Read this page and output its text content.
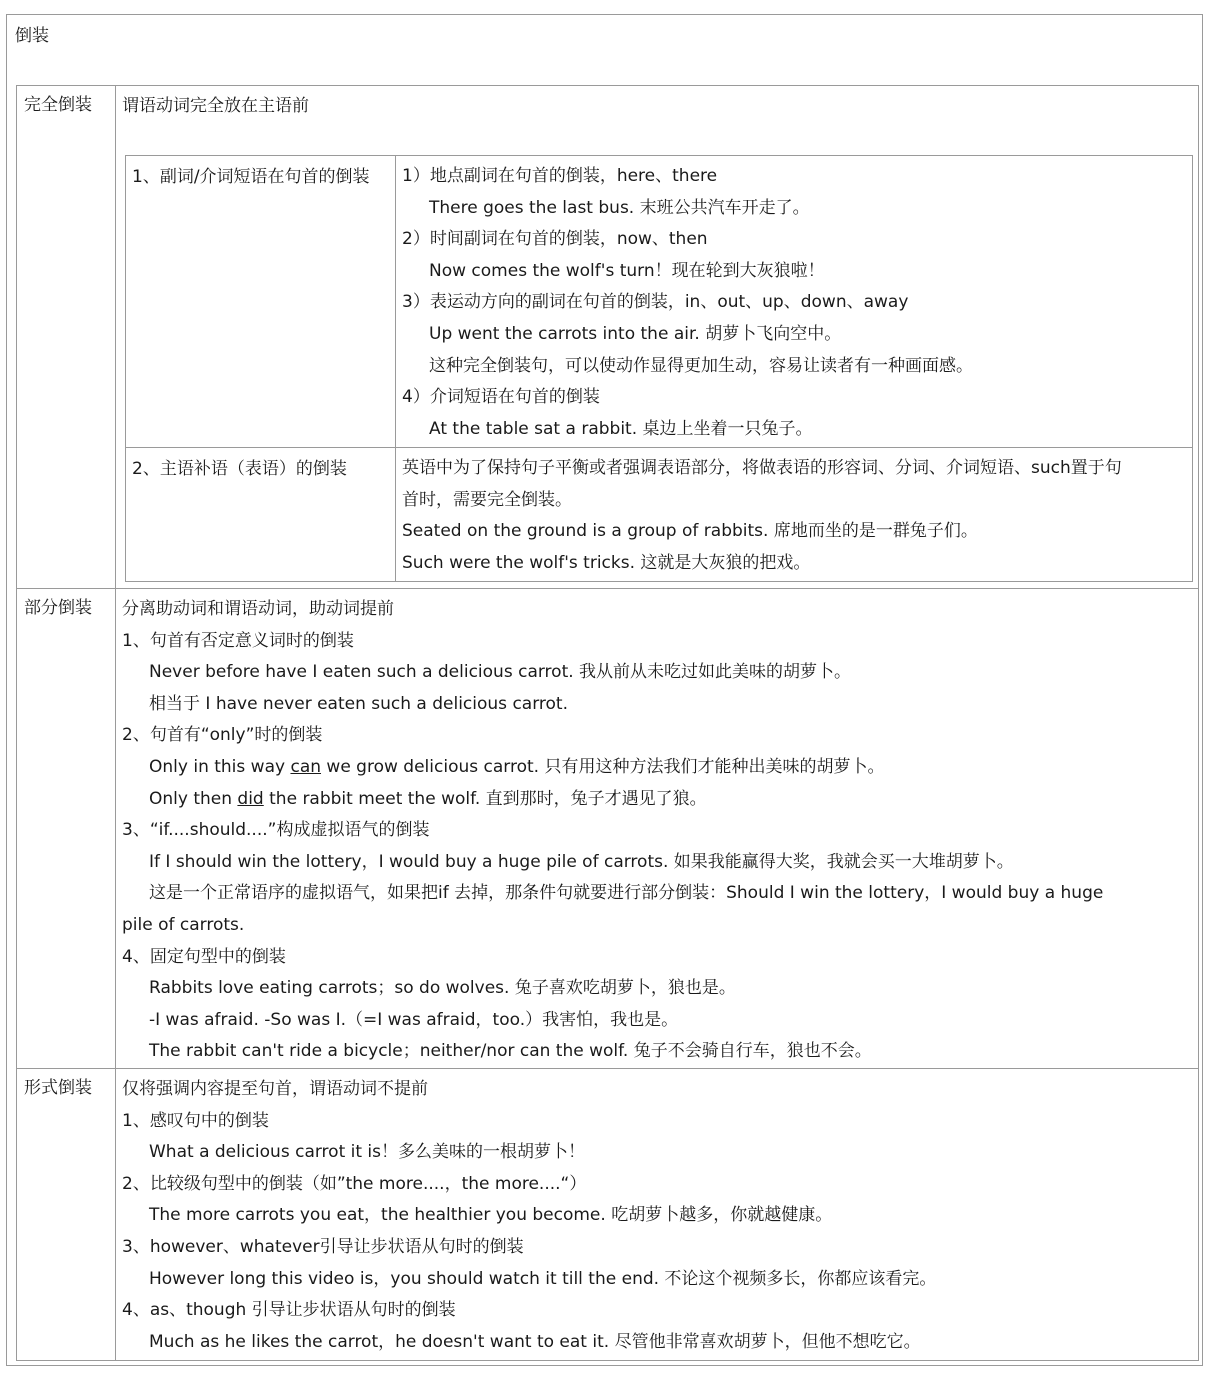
倒装
完全倒装	谓语动词完全放在主语前
1、副词/介词短语在句首的倒装	1）地点副词在句首的倒装，here、there
There goes the last bus. 末班公共汽车开走了。
2）时间副词在句首的倒装，now、then
Now comes the wolf's turn！现在轮到大灰狼啦！
3）表运动方向的副词在句首的倒装，in、out、up、down、away
Up went the carrots into the air. 胡萝卜飞向空中。
这种完全倒装句，可以使动作显得更加生动，容易让读者有一种画面感。
4）介词短语在句首的倒装
At the table sat a rabbit. 桌边上坐着一只兔子。
2、主语补语（表语）的倒装	英语中为了保持句子平衡或者强调表语部分，将做表语的形容词、分词、介词短语、such置于句
首时，需要完全倒装。
Seated on the ground is a group of rabbits. 席地而坐的是一群兔子们。
Such were the wolf's tricks. 这就是大灰狼的把戏。
部分倒装	分离助动词和谓语动词，助动词提前
1、句首有否定意义词时的倒装
Never before have I eaten such a delicious carrot. 我从前从未吃过如此美味的胡萝卜。
相当于 I have never eaten such a delicious carrot.
2、句首有“only”时的倒装
Only in this way can we grow delicious carrot. 只有用这种方法我们才能种出美味的胡萝卜。
Only then did the rabbit meet the wolf. 直到那时，兔子才遇见了狼。
3、“if....should....”构成虚拟语气的倒装
If I should win the lottery，I would buy a huge pile of carrots. 如果我能赢得大奖，我就会买一大堆胡萝卜。
这是一个正常语序的虚拟语气，如果把if 去掉，那条件句就要进行部分倒装：Should I win the lottery，I would buy a huge
pile of carrots.
4、固定句型中的倒装
Rabbits love eating carrots；so do wolves. 兔子喜欢吃胡萝卜，狼也是。
-I was afraid. -So was I.（=I was afraid，too.）我害怕，我也是。
The rabbit can't ride a bicycle；neither/nor can the wolf. 兔子不会骑自行车，狼也不会。
形式倒装	仅将强调内容提至句首，谓语动词不提前
1、感叹句中的倒装
What a delicious carrot it is！多么美味的一根胡萝卜！
2、比较级句型中的倒装（如”the more....，the more....“）
The more carrots you eat，the healthier you become. 吃胡萝卜越多，你就越健康。
3、however、whatever引导让步状语从句时的倒装
However long this video is，you should watch it till the end. 不论这个视频多长，你都应该看完。
4、as、though 引导让步状语从句时的倒装
Much as he likes the carrot，he doesn't want to eat it. 尽管他非常喜欢胡萝卜，但他不想吃它。
